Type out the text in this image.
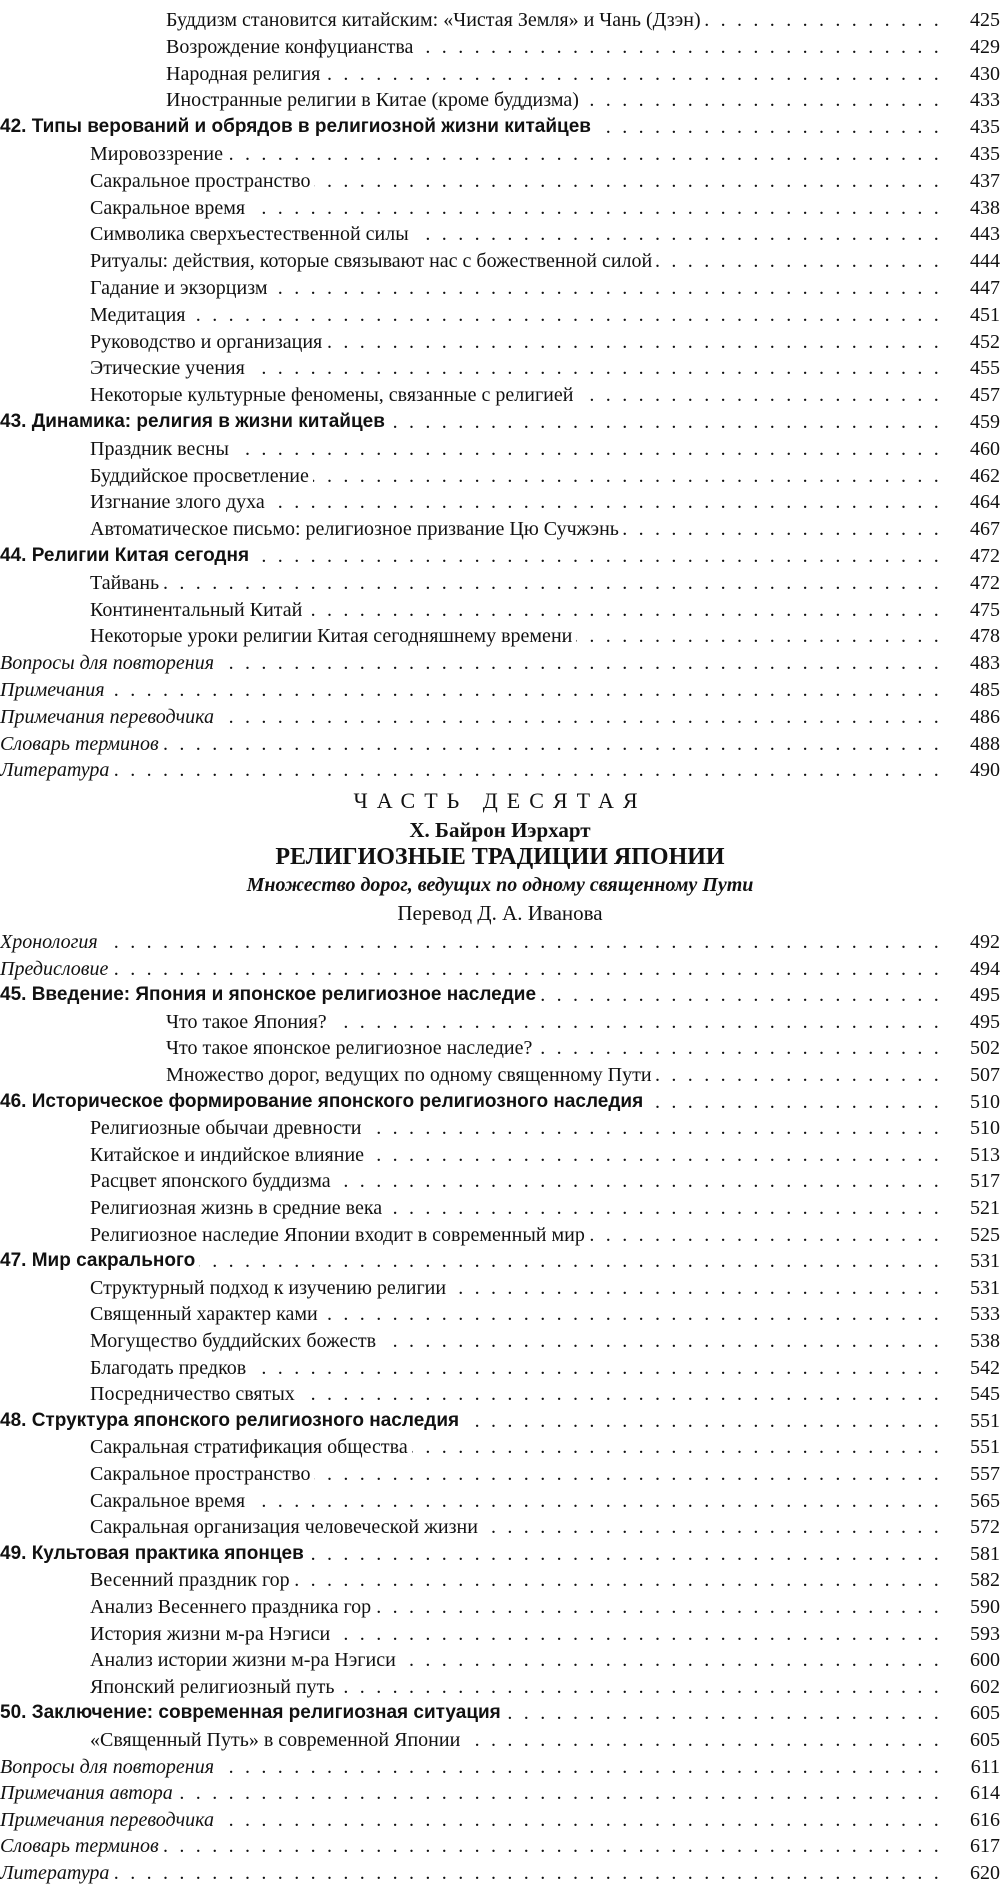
Буддизм становится китайским: «Чистая Земля» и Чань (Дзэн) . . .	425
Возрождение конфуцианства . . .	429
Народная религия . . .	430
Иностранные религии в Китае (кроме буддизма) . . .	433
42. Типы верований и обрядов в религиозной жизни китайцев . . .	435
Мировоззрение . . .	435
Сакральное пространство . . .	437
Сакральное время . . .	438
Символика сверхъестественной силы . . .	443
Ритуалы: действия, которые связывают нас с божественной силой . . .	444
Гадание и экзорцизм . . .	447
Медитация . . .	451
Руководство и организация . . .	452
Этические учения . . .	455
Некоторые культурные феномены, связанные с религией . . .	457
43. Динамика: религия в жизни китайцев . . .	459
Праздник весны . . .	460
Буддийское просветление . . .	462
Изгнание злого духа . . .	464
Автоматическое письмо: религиозное призвание Цю Сучжэнь . . .	467
44. Религии Китая сегодня . . .	472
Тайвань . . .	472
Континентальный Китай . . .	475
Некоторые уроки религии Китая сегодняшнему времени . . .	478
Вопросы для повторения . . .	483
Примечания . . .	485
Примечания переводчика . . .	486
Словарь терминов . . .	488
Литература . . .	490
ЧАСТЬ ДЕСЯТАЯ
Х. Байрон Иэрхарт
РЕЛИГИОЗНЫЕ ТРАДИЦИИ ЯПОНИИ
Множество дорог, ведущих по одному священному Пути
Перевод Д. А. Иванова
Хронология . . .	492
Предисловие . . .	494
45. Введение: Япония и японское религиозное наследие . . .	495
Что такое Япония? . . .	495
Что такое японское религиозное наследие? . . .	502
Множество дорог, ведущих по одному священному Пути . . .	507
46. Историческое формирование японского религиозного наследия . . .	510
Религиозные обычаи древности . . .	510
Китайское и индийское влияние . . .	513
Расцвет японского буддизма . . .	517
Религиозная жизнь в средние века . . .	521
Религиозное наследие Японии входит в современный мир . . .	525
47. Мир сакрального . . .	531
Структурный подход к изучению религии . . .	531
Священный характер ками . . .	533
Могущество буддийских божеств . . .	538
Благодать предков . . .	542
Посредничество святых . . .	545
48. Структура японского религиозного наследия . . .	551
Сакральная стратификация общества . . .	551
Сакральное пространство . . .	557
Сакральное время . . .	565
Сакральная организация человеческой жизни . . .	572
49. Культовая практика японцев . . .	581
Весенний праздник гор . . .	582
Анализ Весеннего праздника гор . . .	590
История жизни м-ра Нэгиси . . .	593
Анализ истории жизни м-ра Нэгиси . . .	600
Японский религиозный путь . . .	602
50. Заключение: современная религиозная ситуация . . .	605
«Священный Путь» в современной Японии . . .	605
Вопросы для повторения . . .	611
Примечания автора . . .	614
Примечания переводчика . . .	616
Словарь терминов . . .	617
Литература . . .	620
